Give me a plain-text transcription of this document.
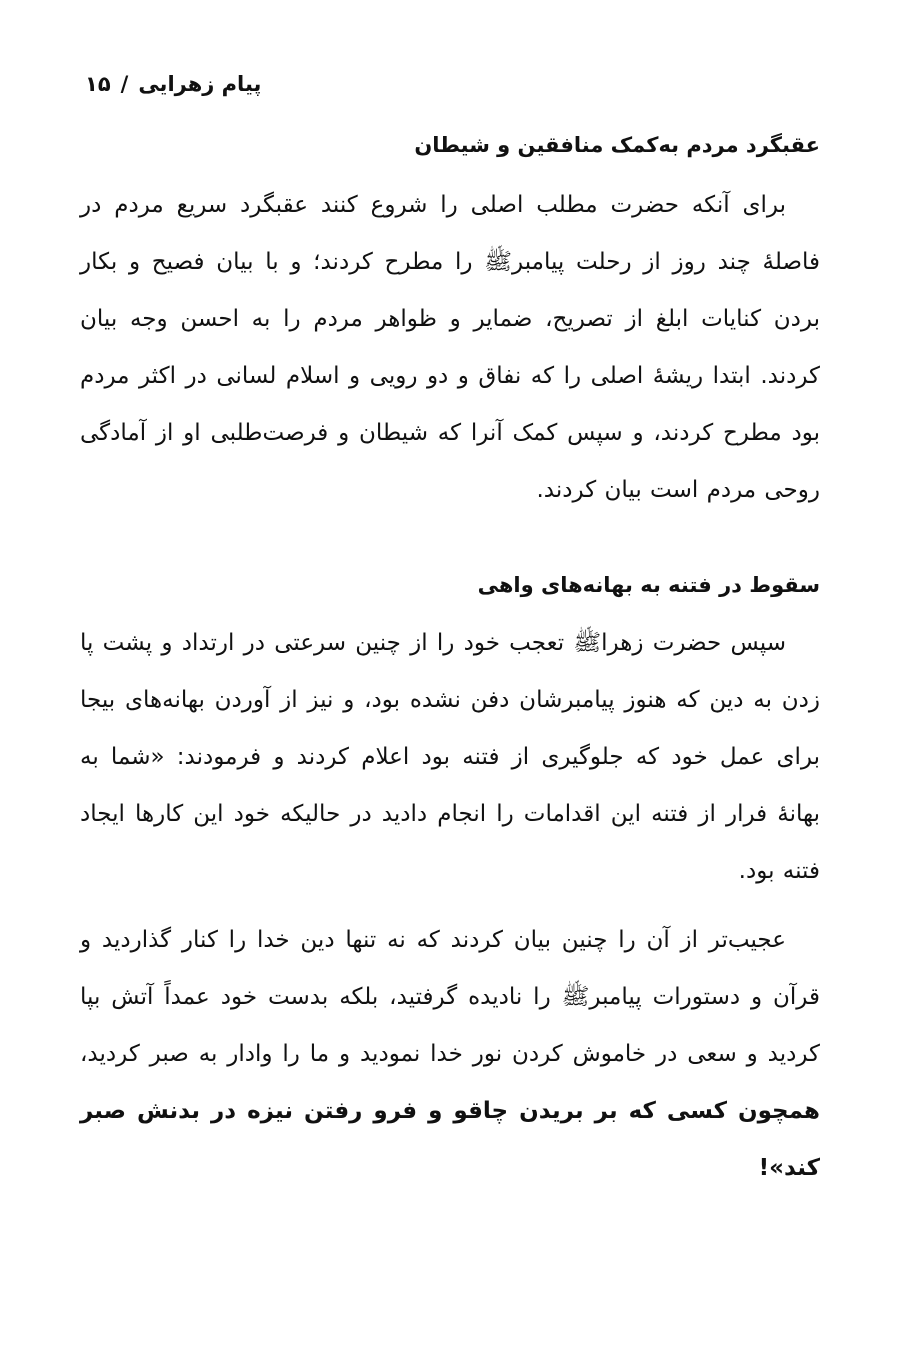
پیام زهرایی/۱۵
عقبگرد مردم به‌کمک منافقین و شیطان
برای آنکه حضرت مطلب اصلی را شروع کنند عقبگرد سریع مردم در فاصلهٔ چند روز از رحلت پیامبرﷺ را مطرح کردند؛ و با بیان فصیح و بکار بردن کنایات ابلغ از تصریح، ضمایر و ظواهر مردم را به احسن وجه بیان کردند. ابتدا ریشهٔ اصلی را که نفاق و دو رویی و اسلام لسانی در اکثر مردم بود مطرح کردند، و سپس کمک آنرا که شیطان و فرصت‌طلبی او از آمادگی روحی مردم است بیان کردند.
سقوط در فتنه به بهانه‌های واهی
سپس حضرت زهراﷺ تعجب خود را از چنین سرعتی در ارتداد و پشت پا زدن به دین که هنوز پیامبرشان دفن نشده بود، و نیز از آوردن بهانه‌های بیجا برای عمل خود که جلوگیری از فتنه بود اعلام کردند و فرمودند: «شما به بهانهٔ فرار از فتنه این اقدامات را انجام دادید در حالیکه خود این کارها ایجاد فتنه بود.
عجیب‌تر از آن را چنین بیان کردند که نه تنها دین خدا را کنار گذاردید و قرآن و دستورات پیامبرﷺ را نادیده گرفتید، بلکه بدست خود عمداً آتش بپا کردید و سعی در خاموش کردن نور خدا نمودید و ما را وادار به صبر کردید، همچون کسی که بر بریدن چاقو و فرو رفتن نیزه در بدنش صبر کند»!
